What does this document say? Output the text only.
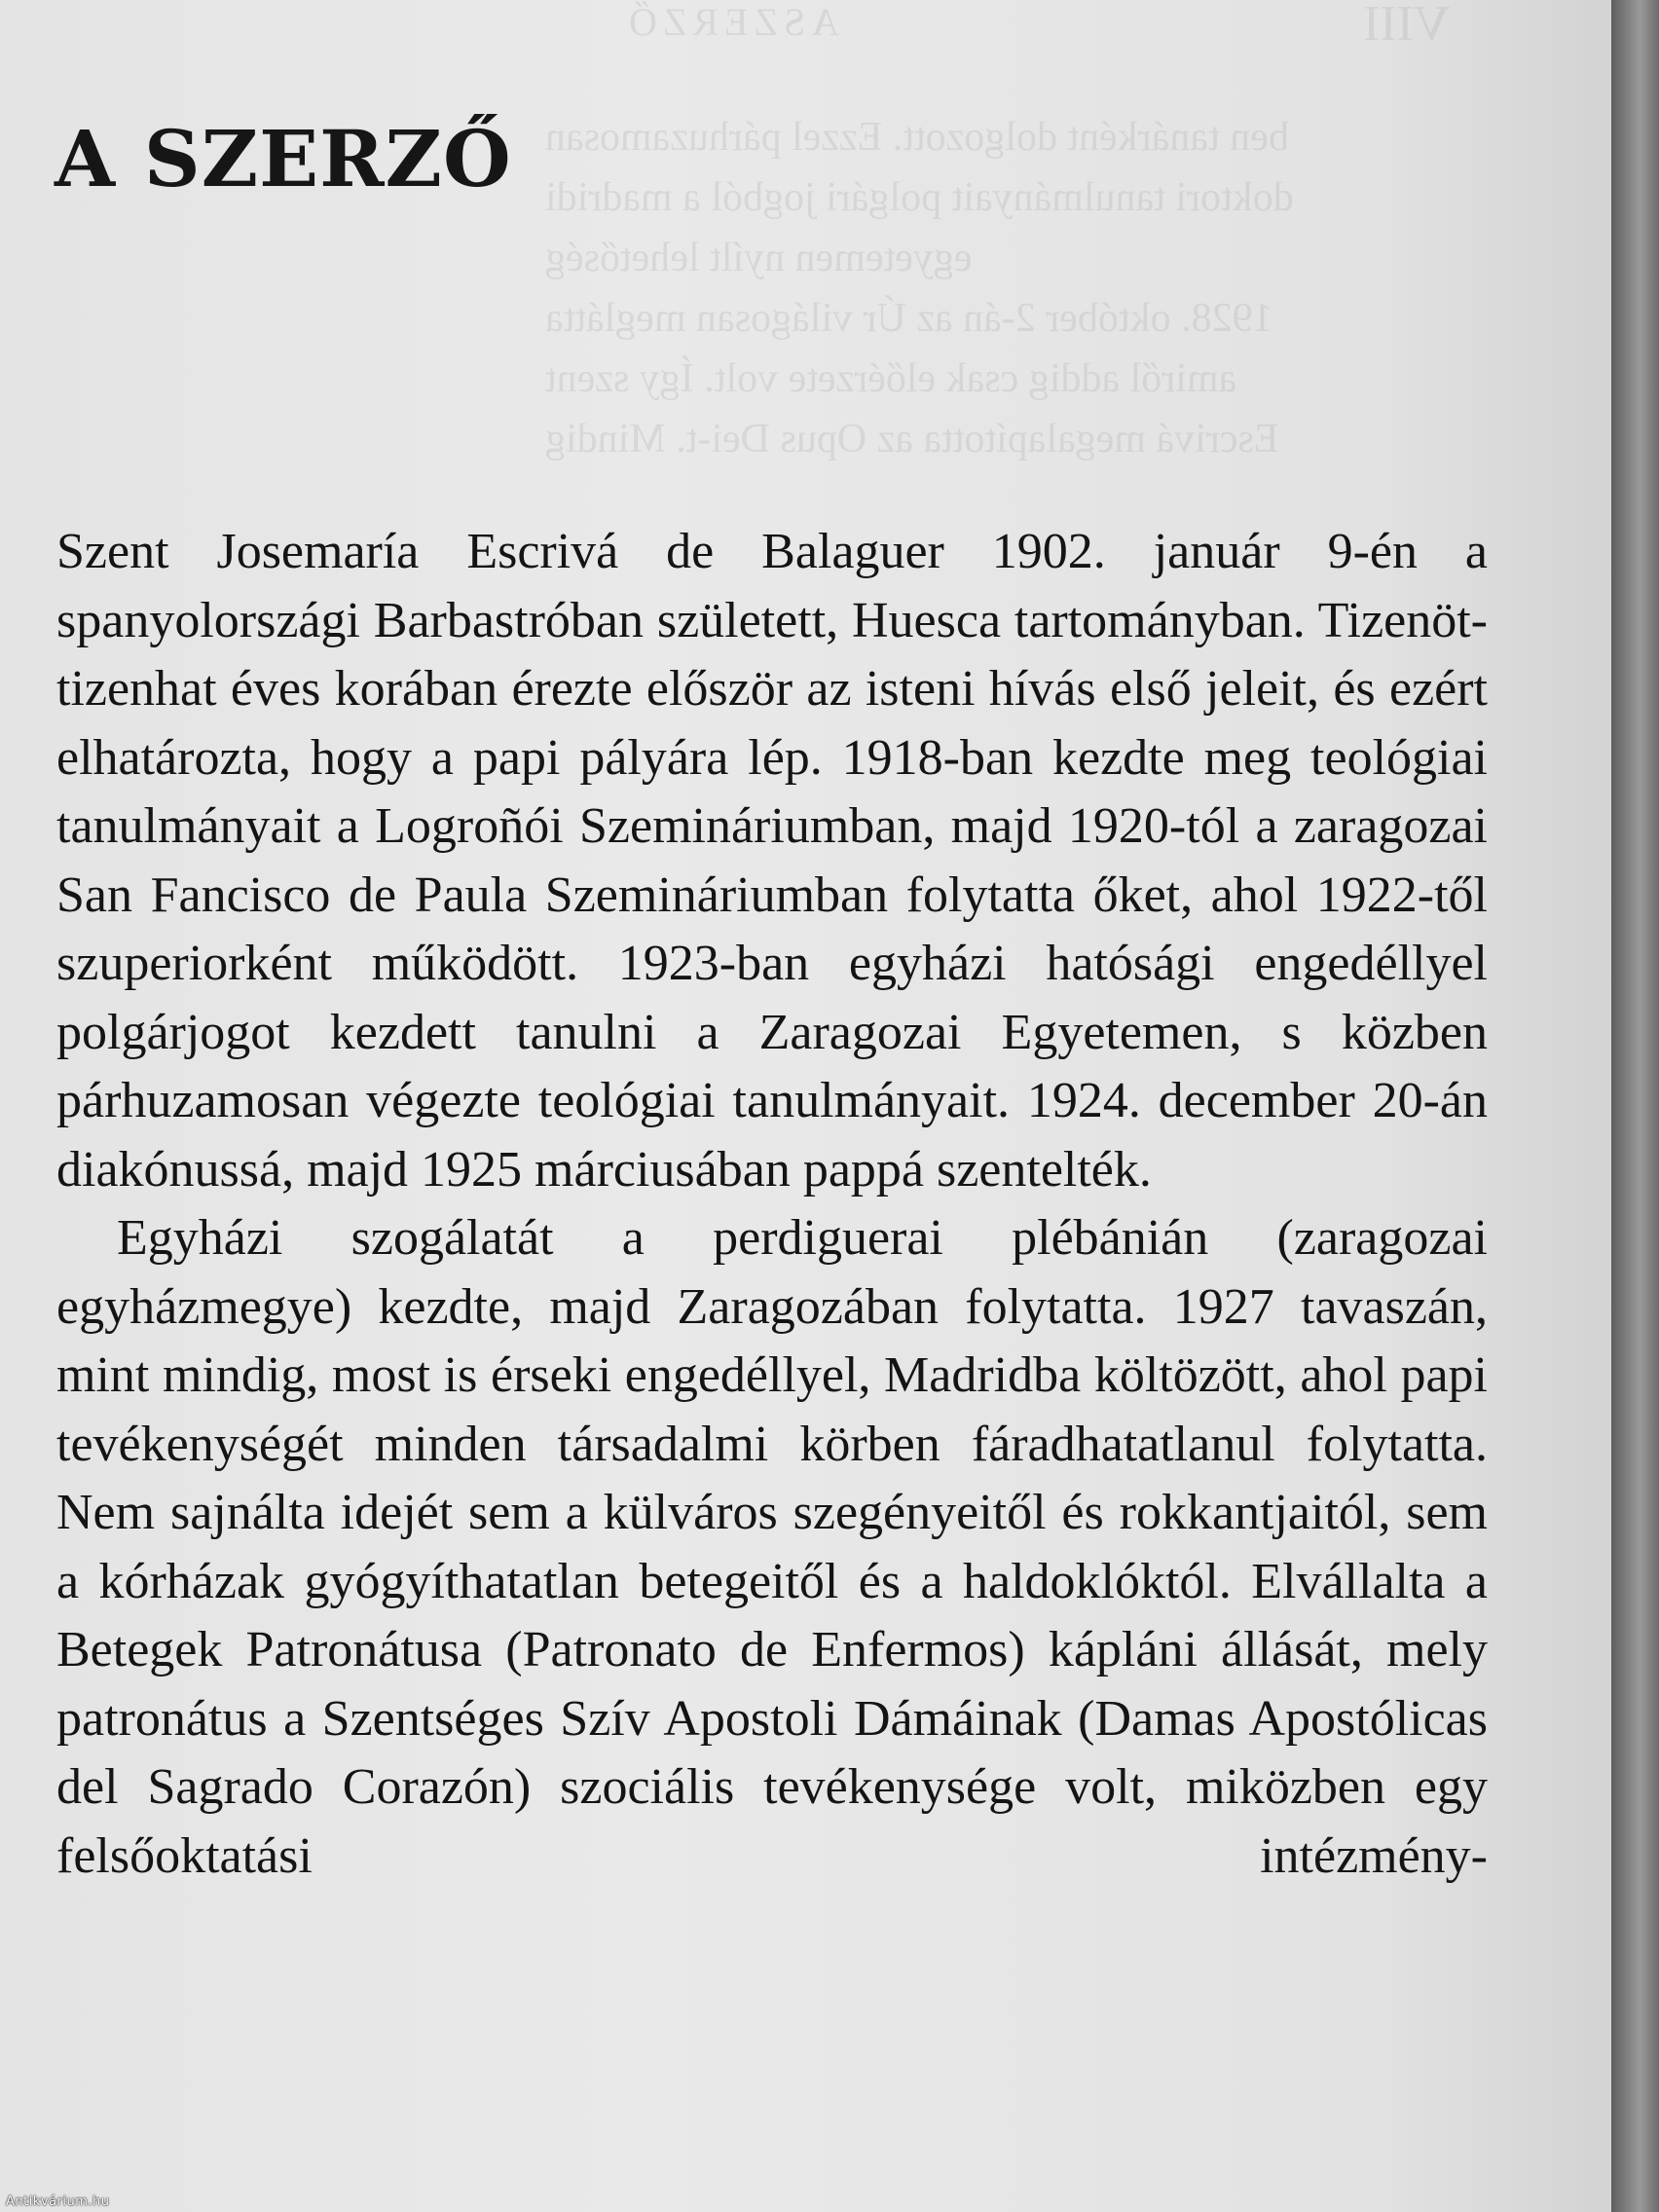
ASZERZŐ	VIII
ben tanárként dolgozott. Ezzel párhuzamosan
doktori tanulmányait polgári jogból a madridi
egyetemen nyílt lehetőség
1928. október 2-án az Úr világosan meglátta
amiről addig csak előérzete volt. Így szent
Escrivá megalapította az Opus Dei-t. Mindig
A SZERZŐ

Szent Josemaría Escrivá de Balaguer 1902. január 9-én a spanyolországi Barbastróban született, Huesca tartományban. Tizenöt-tizenhat éves korában érezte először az isteni hívás első jeleit, és ezért elhatározta, hogy a papi pályára lép. 1918-ban kezdte meg teológiai tanulmányait a Logroñói Szemináriumban, majd 1920-tól a zaragozai San Fancisco de Paula Szemináriumban folytatta őket, ahol 1922-től szuperiorként működött. 1923-ban egyházi hatósági engedéllyel polgárjogot kezdett tanulni a Zaragozai Egyetemen, s közben párhuzamosan végezte teológiai tanulmányait. 1924. december 20-án diakónussá, majd 1925 márciusában pappá szentelték.

Egyházi szogálatát a perdiguerai plébánián (zaragozai egyházmegye) kezdte, majd Zaragozában folytatta. 1927 tavaszán, mint mindig, most is érseki engedéllyel, Madridba költözött, ahol papi tevékenységét minden társadalmi körben fáradhatatlanul folytatta. Nem sajnálta idejét sem a külváros szegényeitől és rokkantjaitól, sem a kórházak gyógyíthatatlan betegeitől és a haldoklóktól. Elvállalta a Betegek Patronátusa (Patronato de Enfermos) kápláni állását, mely patronátus a Szentséges Szív Apostoli Dámáinak (Damas Apostólicas del Sagrado Corazón) szociális tevékenysége volt, miközben egy felsőoktatási intézmény-

Antikvárium.hu
